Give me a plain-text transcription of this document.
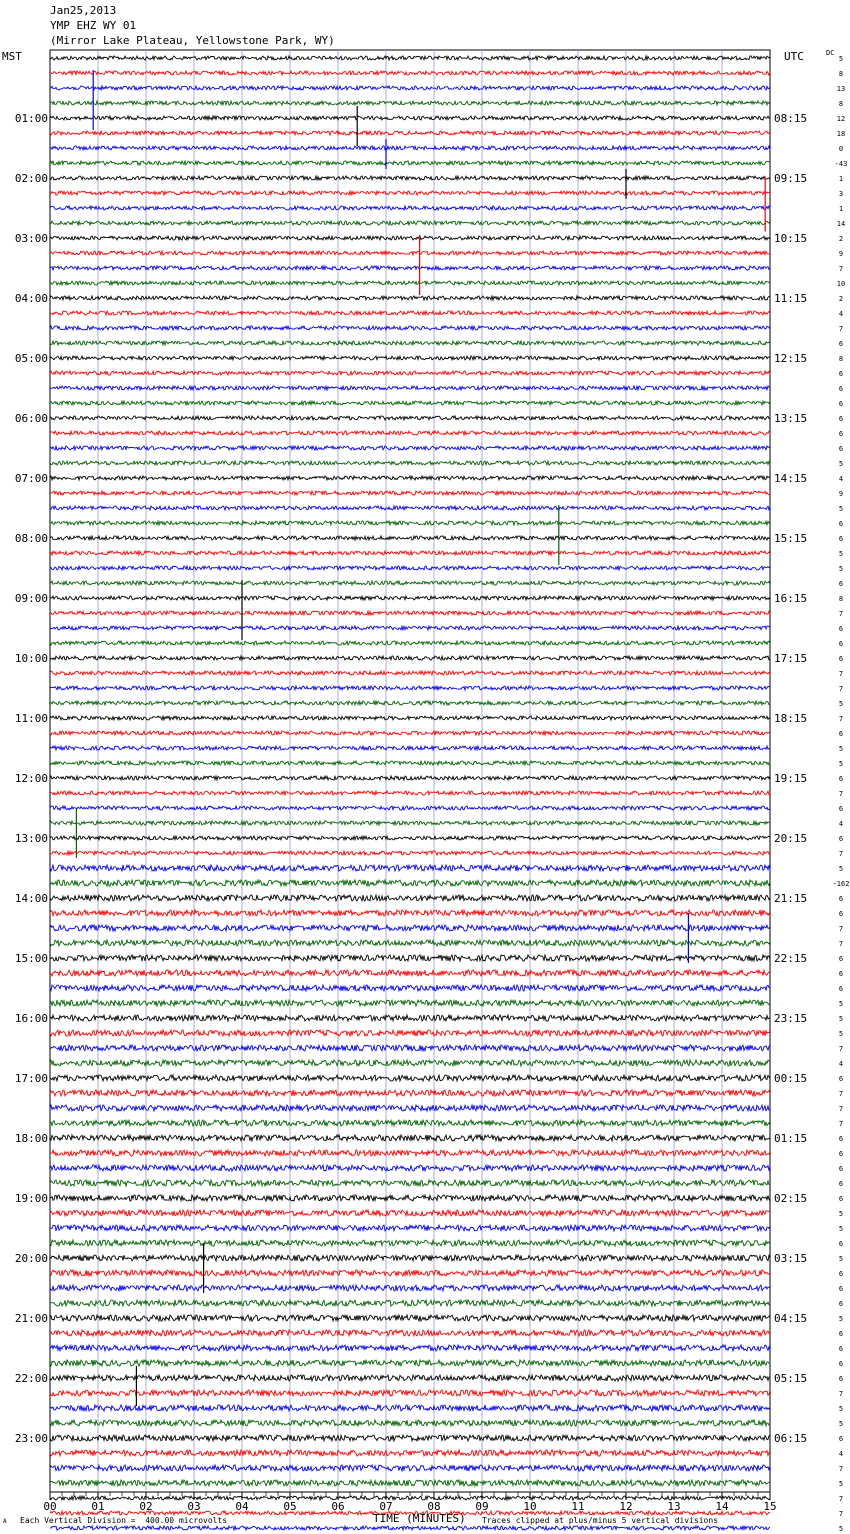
Jan25,2013
YMP EHZ WY 01
(Mirror Lake Plateau, Yellowstone Park, WY)
MST	UTC	DC
5
8
13
8
12
18
0
-43
1
3
1
14
2
9
7
10
2
4
7
6
8
6
6
6
6
6
6
5
4
9
5
6
6
5
5
6
8
7
6
6
6
7
7
5
7
6
5
5
6
7
6
4
6
7
5
-162
6
6
7
7
6
6
6
5
5
5
7
4
6
7
7
7
6
6
6
6
6
5
5
6
5
6
6
6
5
6
6
6
6
7
5
5
6
4
7
5
7
7
5
00	01	02	03	04	05	06	07	08	09	10	11	12	13	14	15
01:00
02:00
03:00
04:00
05:00
06:00
07:00
08:00
09:00
10:00
11:00
12:00
13:00
14:00
15:00
16:00
17:00
18:00
19:00
20:00
21:00
22:00
23:00
08:15
09:15
10:15
11:15
12:15
13:15
14:15
15:15
16:15
17:15
18:15
19:15
20:15
21:15
22:15
23:15
00:15
01:15
02:15
03:15
04:15
05:15
06:15
Each Vertical Division =  400.00 microvolts	TIME (MINUTES) Traces clipped at plus/minus 5 vertical divisions
A
